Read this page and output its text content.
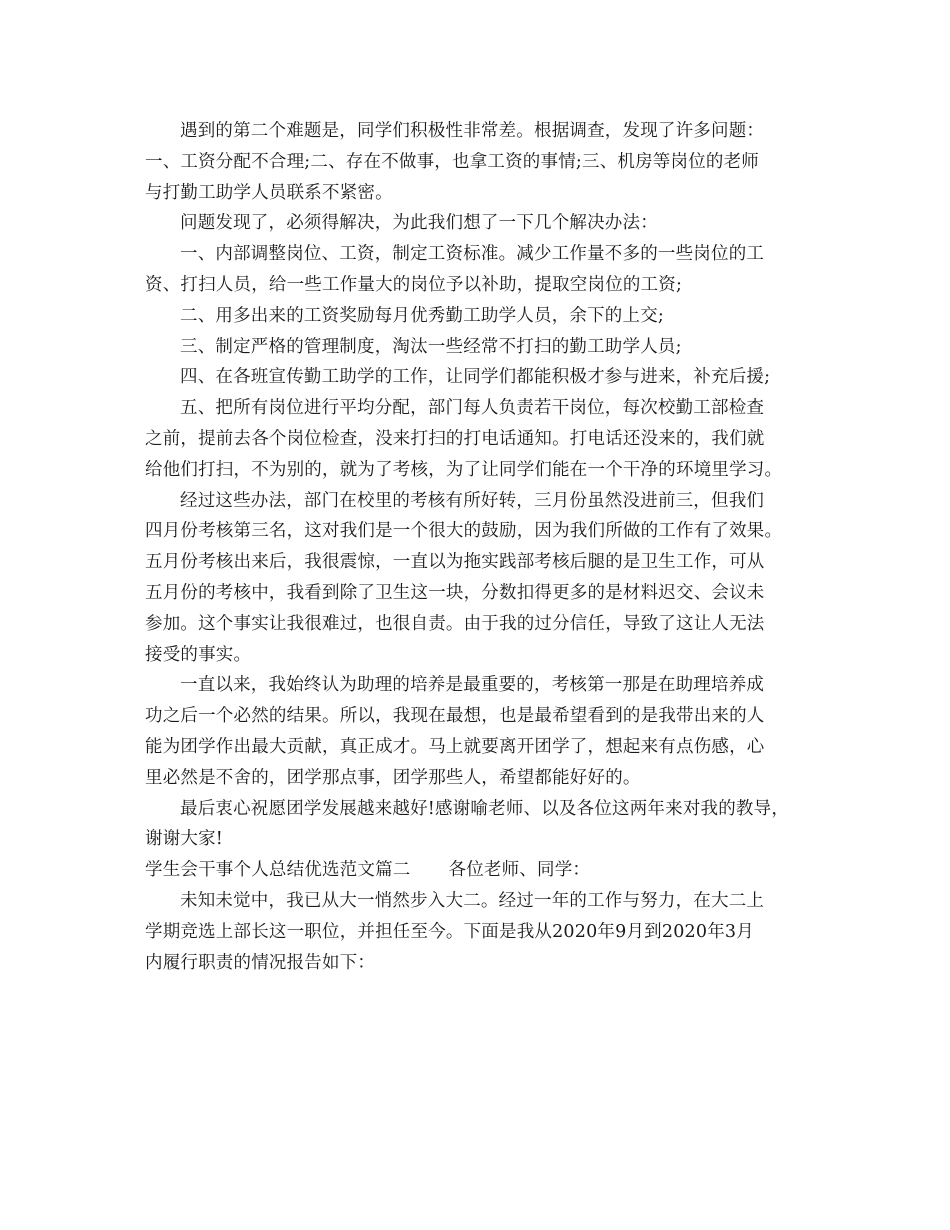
遇到的第二个难题是，同学们积极性非常差。根据调查，发现了许多问题：
一、工资分配不合理;二、存在不做事，也拿工资的事情;三、机房等岗位的老师
与打勤工助学人员联系不紧密。
问题发现了，必须得解决，为此我们想了一下几个解决办法：
一、内部调整岗位、工资，制定工资标准。减少工作量不多的一些岗位的工
资、打扫人员，给一些工作量大的岗位予以补助，提取空岗位的工资;
二、用多出来的工资奖励每月优秀勤工助学人员，余下的上交;
三、制定严格的管理制度，淘汰一些经常不打扫的勤工助学人员;
四、在各班宣传勤工助学的工作，让同学们都能积极才参与进来，补充后援;
五、把所有岗位进行平均分配，部门每人负责若干岗位，每次校勤工部检查
之前，提前去各个岗位检查，没来打扫的打电话通知。打电话还没来的，我们就
给他们打扫，不为别的，就为了考核，为了让同学们能在一个干净的环境里学习。
经过这些办法，部门在校里的考核有所好转，三月份虽然没进前三，但我们
四月份考核第三名，这对我们是一个很大的鼓励，因为我们所做的工作有了效果。
五月份考核出来后，我很震惊，一直以为拖实践部考核后腿的是卫生工作，可从
五月份的考核中，我看到除了卫生这一块，分数扣得更多的是材料迟交、会议未
参加。这个事实让我很难过，也很自责。由于我的过分信任，导致了这让人无法
接受的事实。
一直以来，我始终认为助理的培养是最重要的，考核第一那是在助理培养成
功之后一个必然的结果。所以，我现在最想，也是最希望看到的是我带出来的人
能为团学作出最大贡献，真正成才。马上就要离开团学了，想起来有点伤感，心
里必然是不舍的，团学那点事，团学那些人，希望都能好好的。
最后衷心祝愿团学发展越来越好!感谢喻老师、以及各位这两年来对我的教导，
谢谢大家!
学生会干事个人总结优选范文篇二 各位老师、同学：
未知未觉中，我已从大一悄然步入大二。经过一年的工作与努力，在大二上
学期竞选上部长这一职位，并担任至今。下面是我从2020年9月到2020年3月
内履行职责的情况报告如下：
